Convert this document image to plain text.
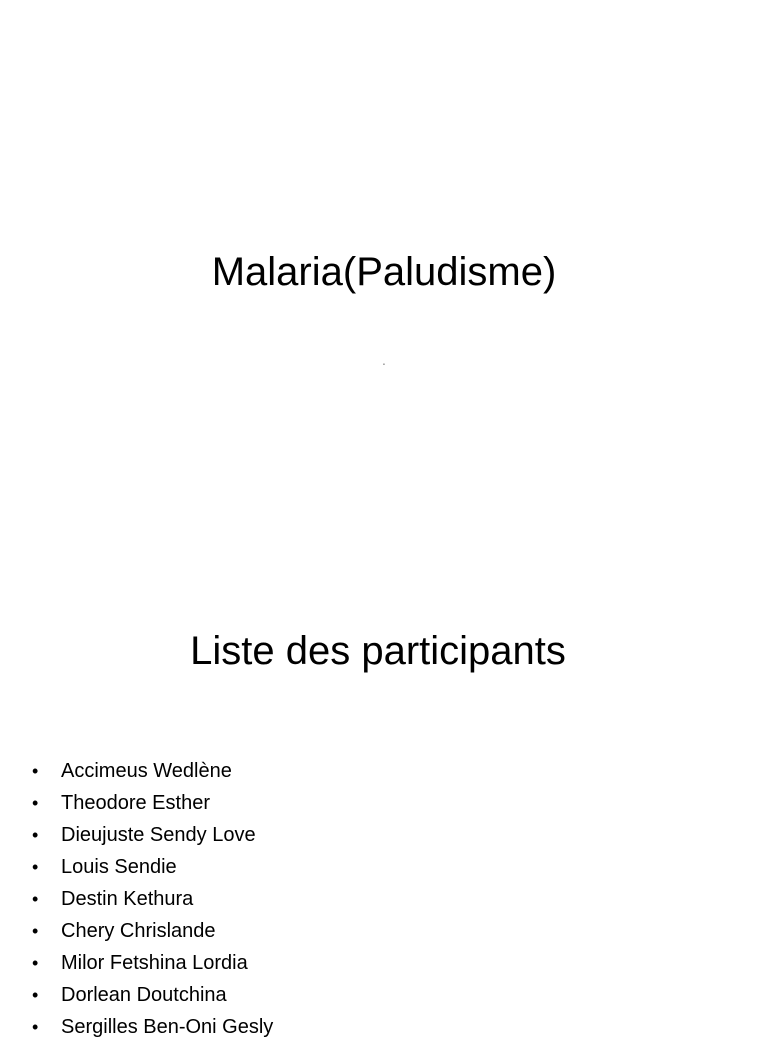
Malaria(Paludisme)

.

Liste des participants
• Accimeus Wedlène
• Theodore Esther
• Dieujuste Sendy Love
• Louis Sendie
• Destin Kethura
• Chery Chrislande
• Milor Fetshina Lordia
• Dorlean Doutchina
• Sergilles Ben-Oni Gesly
